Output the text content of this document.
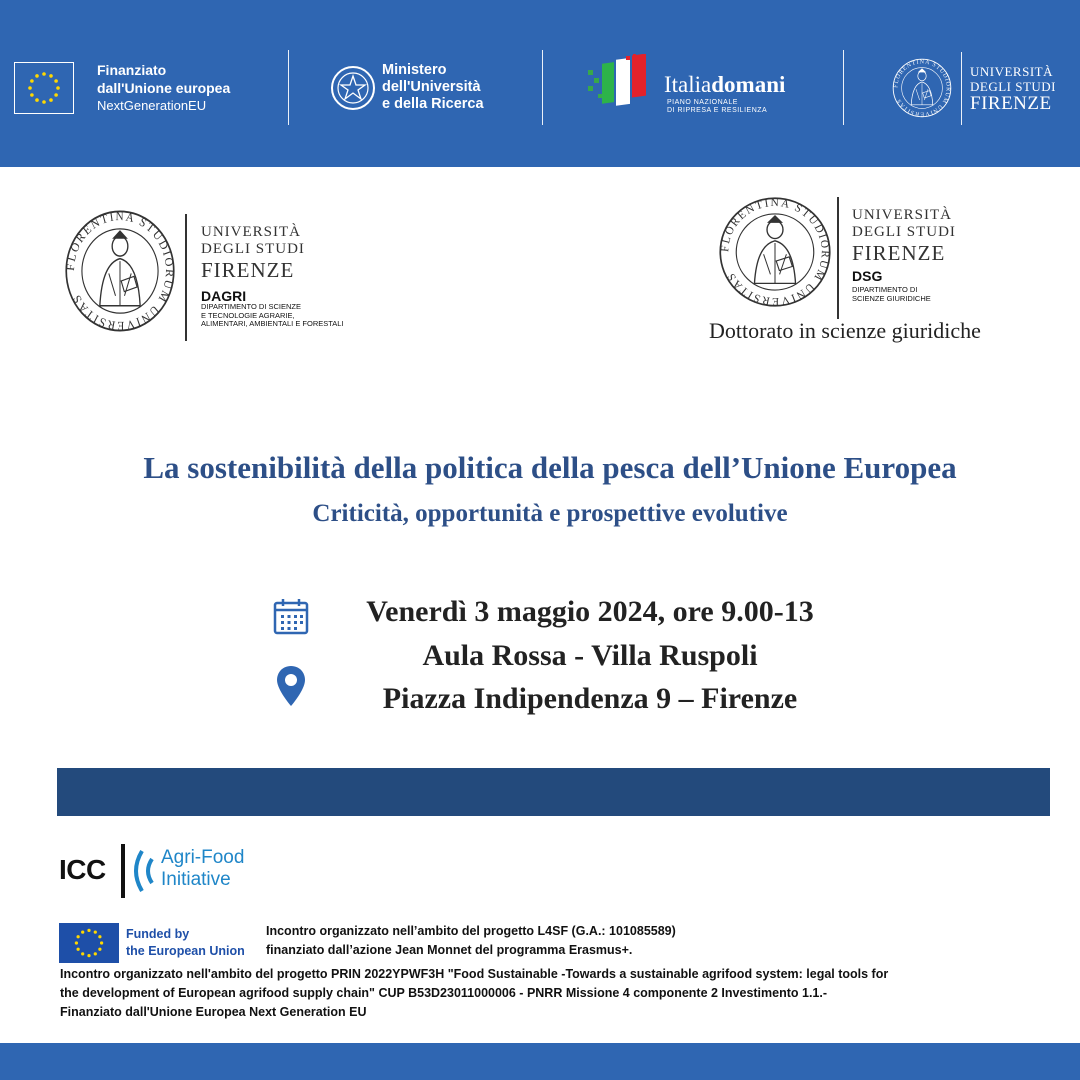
Finanziato
dall'Unione europea
NextGenerationEU
Ministero
dell'Università
e della Ricerca
Italiadomani
PIANO NAZIONALE
DI RIPRESA E RESILIENZA
UNIVERSITÀ
DEGLI STUDI
FIRENZE
UNIVERSITÀ
DEGLI STUDI
FIRENZE
DAGRI
DIPARTIMENTO DI SCIENZE
E TECNOLOGIE AGRARIE,
ALIMENTARI, AMBIENTALI E FORESTALI
UNIVERSITÀ
DEGLI STUDI
FIRENZE
DSG
DIPARTIMENTO DI
SCIENZE GIURIDICHE
Dottorato in scienze giuridiche
La sostenibilità della politica della pesca dell’Unione Europea
Criticità, opportunità e prospettive evolutive
Venerdì 3 maggio 2024, ore 9.00-13
Aula Rossa - Villa Ruspoli
Piazza Indipendenza 9 – Firenze
ICC	Agri-Food
Initiative
Funded by
the European Union
Incontro organizzato nell’ambito del progetto L4SF (G.A.: 101085589)
finanziato dall’azione Jean Monnet del programma Erasmus+.
Incontro organizzato nell'ambito del progetto PRIN 2022YPWF3H "Food Sustainable -Towards a sustainable agrifood system: legal tools for
the development of European agrifood supply chain" CUP B53D23011000006 - PNRR Missione 4 componente 2 Investimento 1.1.-
Finanziato dall'Unione Europea Next Generation EU
